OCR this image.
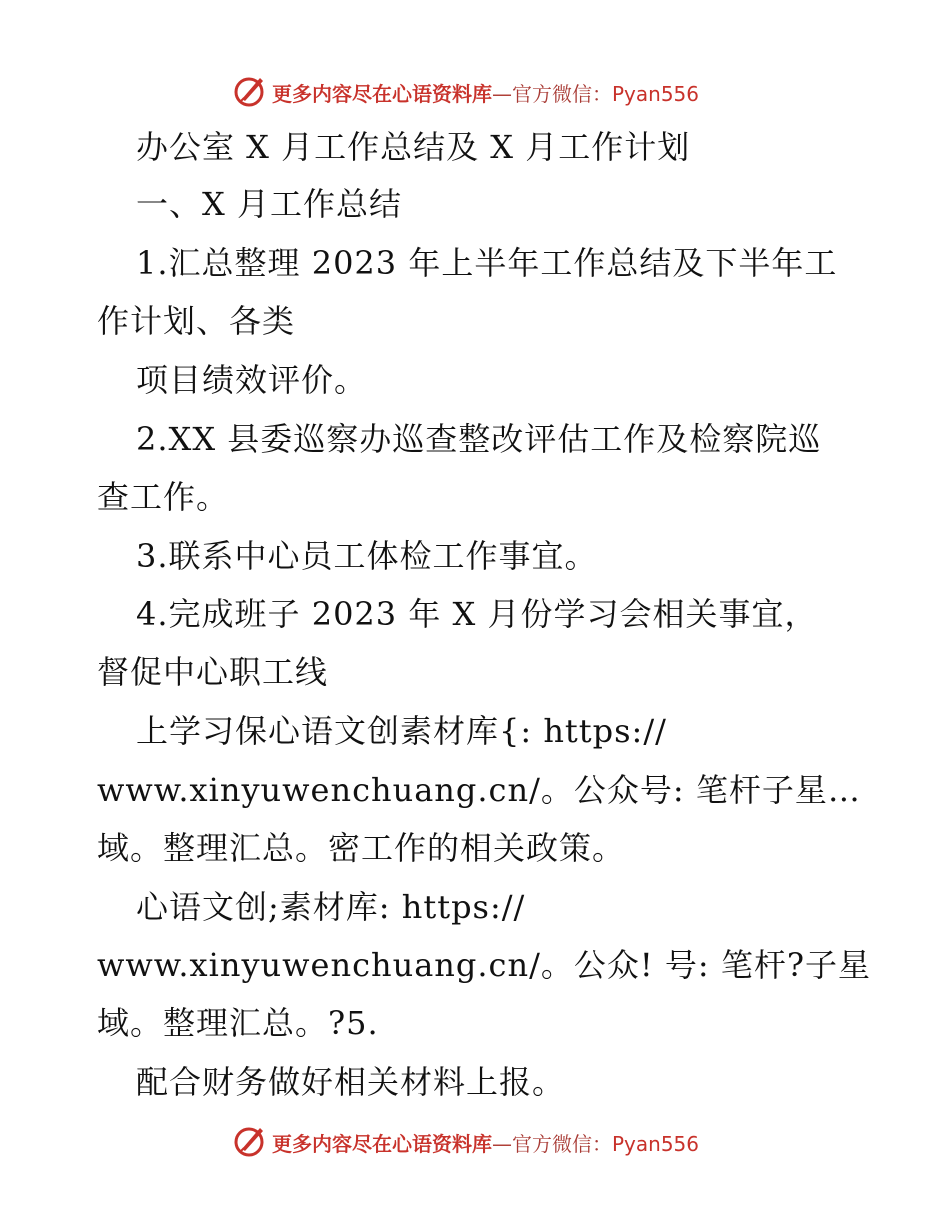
更多内容尽在心语资料库—官方微信：Pyan556
办公室 X 月工作总结及 X 月工作计划
一、X 月工作总结
1.汇总整理 2023 年上半年工作总结及下半年工
作计划、各类
项目绩效评价。
2.XX 县委巡察办巡查整改评估工作及检察院巡
查工作。
3.联系中心员工体检工作事宜。
4.完成班子 2023 年 X 月份学习会相关事宜，
督促中心职工线
上学习保心语文创素材库{: https://
www.xinyuwenchuang.cn/。公众号: 笔杆子星…
域。整理汇总。密工作的相关政策。
心语文创;素材库: https://
www.xinyuwenchuang.cn/。公众! 号: 笔杆?子星
域。整理汇总。?5.
配合财务做好相关材料上报。
更多内容尽在心语资料库—官方微信：Pyan556
